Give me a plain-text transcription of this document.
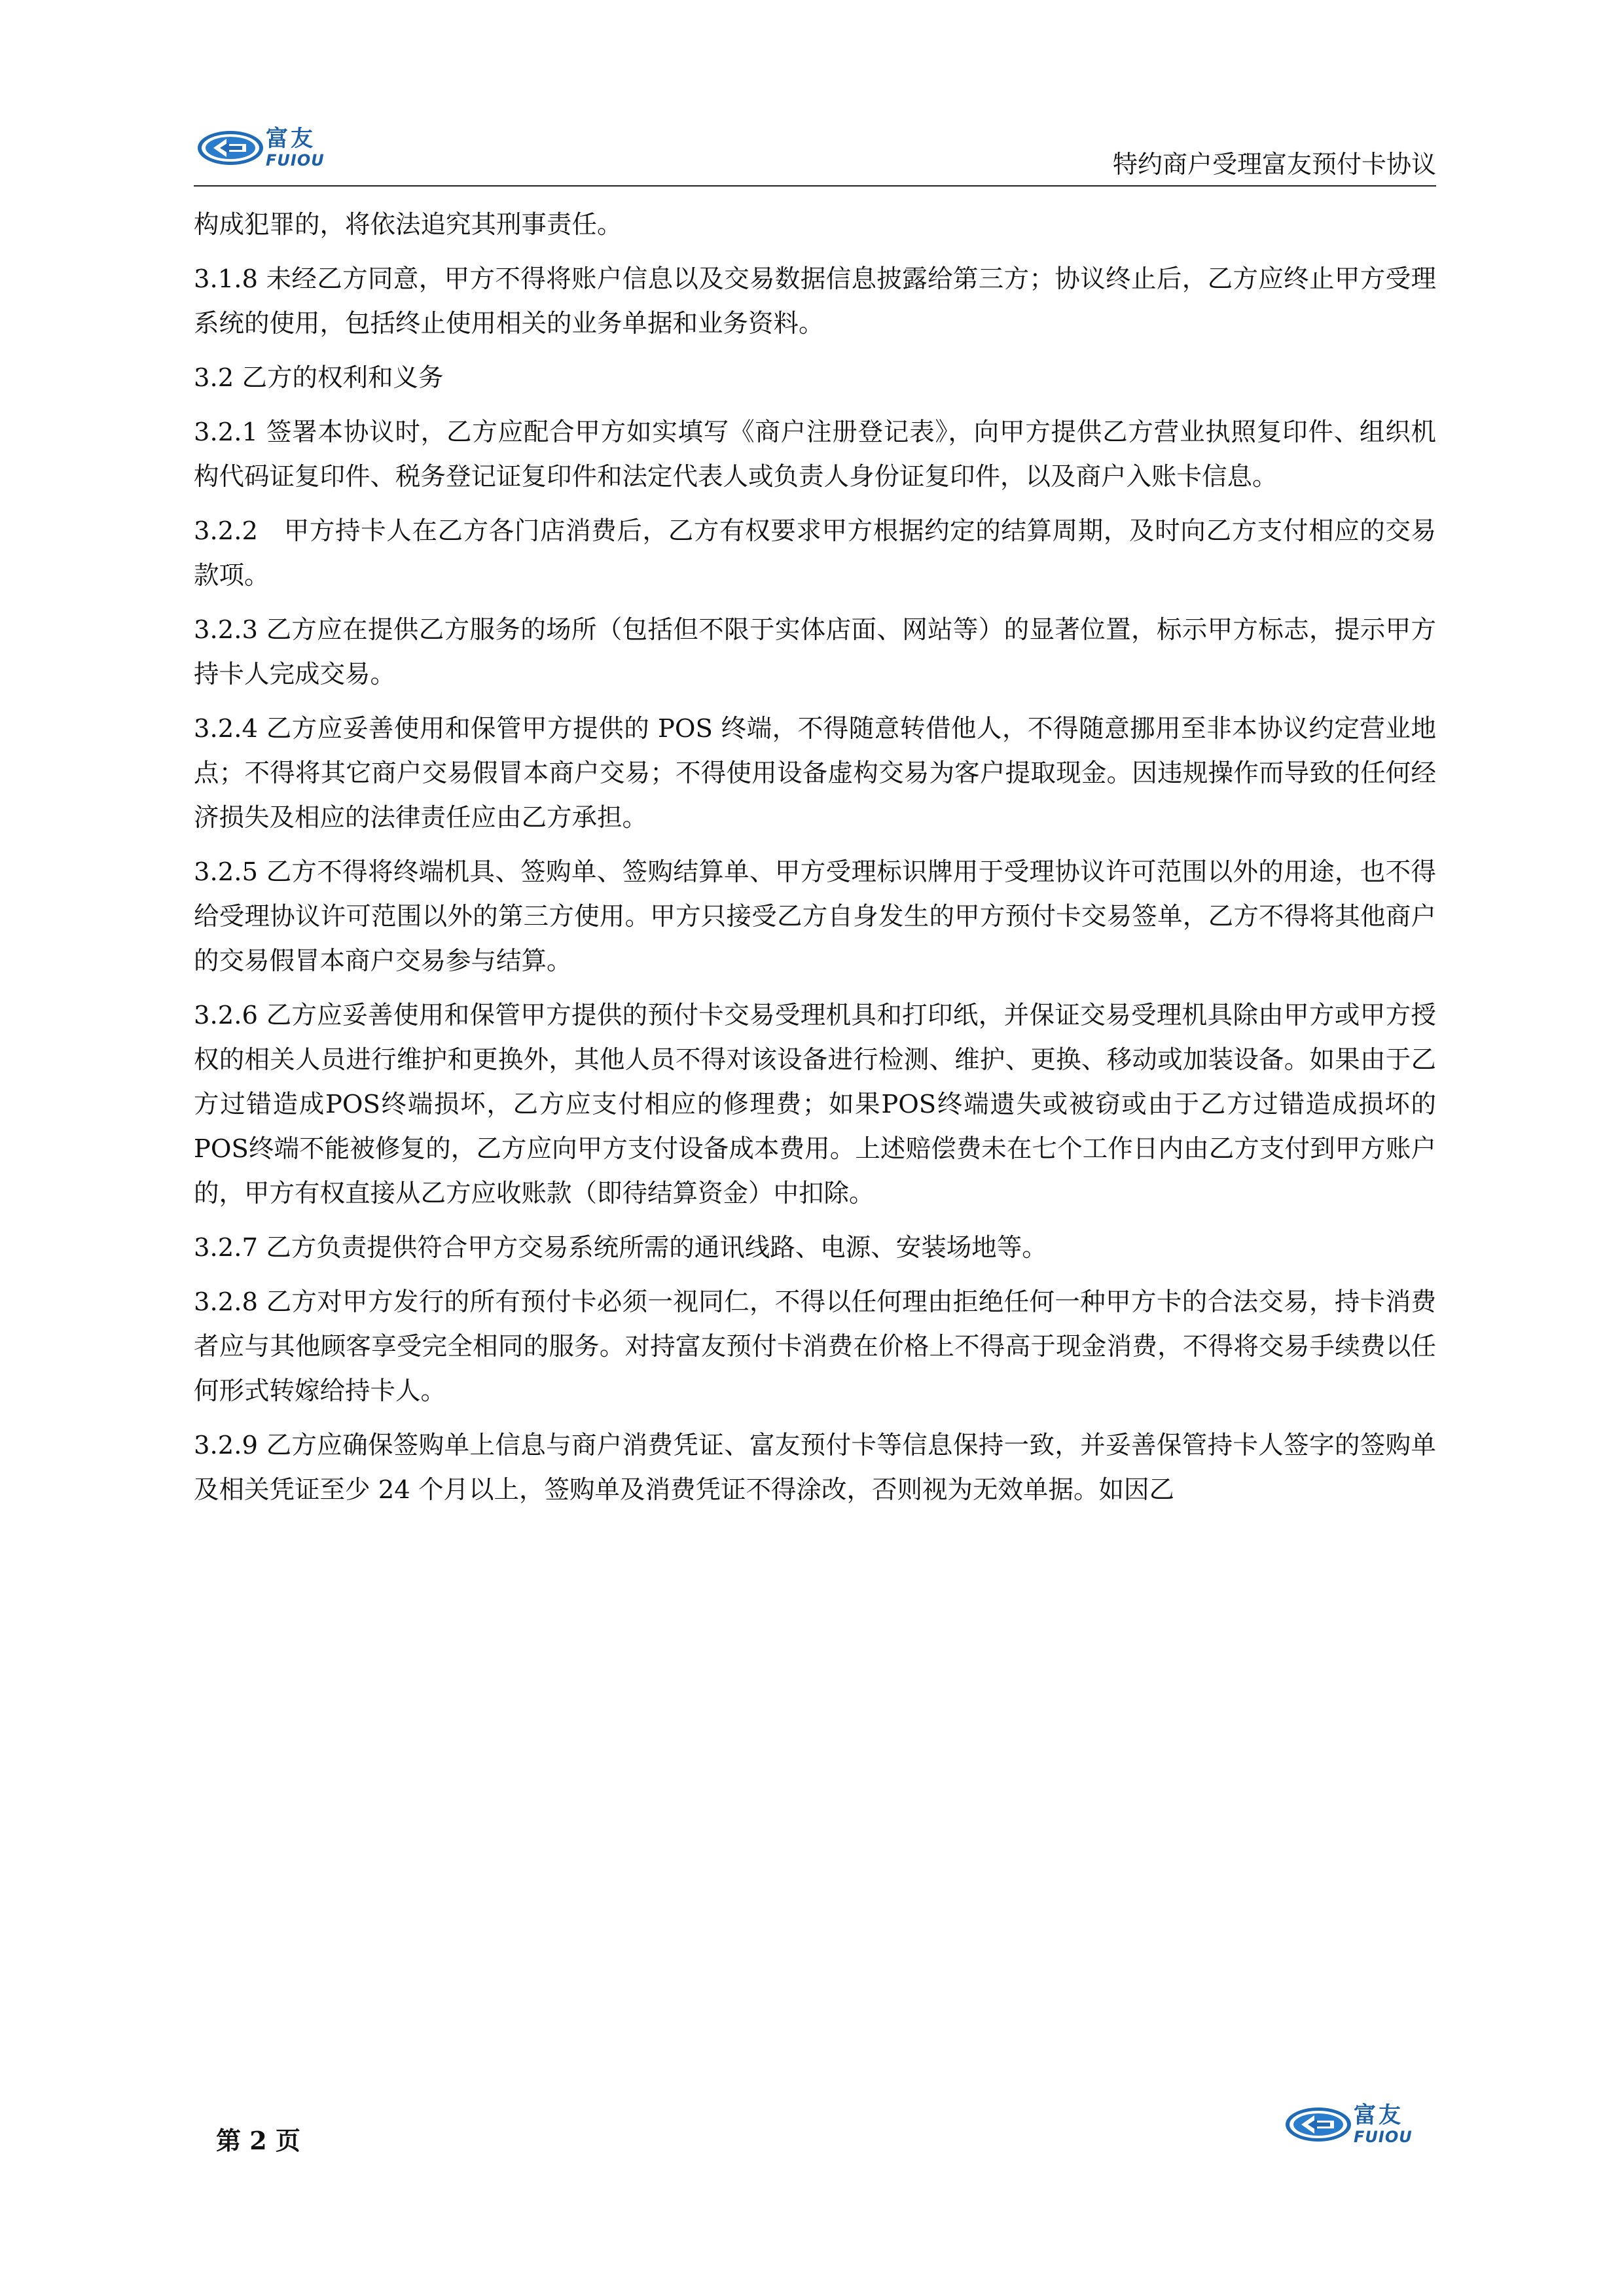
富友
FUIOU	特约商户受理富友预付卡协议

构成犯罪的，将依法追究其刑事责任。

3.1.8 未经乙方同意，甲方不得将账户信息以及交易数据信息披露给第三方；协议终止后，乙方应终止甲方受理系统的使用，包括终止使用相关的业务单据和业务资料。

3.2 乙方的权利和义务

3.2.1 签署本协议时，乙方应配合甲方如实填写《商户注册登记表》，向甲方提供乙方营业执照复印件、组织机构代码证复印件、税务登记证复印件和法定代表人或负责人身份证复印件，以及商户入账卡信息。

3.2.2　甲方持卡人在乙方各门店消费后，乙方有权要求甲方根据约定的结算周期，及时向乙方支付相应的交易款项。

3.2.3 乙方应在提供乙方服务的场所（包括但不限于实体店面、网站等）的显著位置，标示甲方标志，提示甲方持卡人完成交易。

3.2.4 乙方应妥善使用和保管甲方提供的 POS 终端，不得随意转借他人，不得随意挪用至非本协议约定营业地点；不得将其它商户交易假冒本商户交易；不得使用设备虚构交易为客户提取现金。因违规操作而导致的任何经济损失及相应的法律责任应由乙方承担。

3.2.5 乙方不得将终端机具、签购单、签购结算单、甲方受理标识牌用于受理协议许可范围以外的用途，也不得给受理协议许可范围以外的第三方使用。甲方只接受乙方自身发生的甲方预付卡交易签单，乙方不得将其他商户的交易假冒本商户交易参与结算。

3.2.6 乙方应妥善使用和保管甲方提供的预付卡交易受理机具和打印纸，并保证交易受理机具除由甲方或甲方授权的相关人员进行维护和更换外，其他人员不得对该设备进行检测、维护、更换、移动或加装设备。如果由于乙方过错造成POS终端损坏，乙方应支付相应的修理费；如果POS终端遗失或被窃或由于乙方过错造成损坏的POS终端不能被修复的，乙方应向甲方支付设备成本费用。上述赔偿费未在七个工作日内由乙方支付到甲方账户的，甲方有权直接从乙方应收账款（即待结算资金）中扣除。

3.2.7 乙方负责提供符合甲方交易系统所需的通讯线路、电源、安装场地等。

3.2.8 乙方对甲方发行的所有预付卡必须一视同仁，不得以任何理由拒绝任何一种甲方卡的合法交易，持卡消费者应与其他顾客享受完全相同的服务。对持富友预付卡消费在价格上不得高于现金消费，不得将交易手续费以任何形式转嫁给持卡人。

3.2.9 乙方应确保签购单上信息与商户消费凭证、富友预付卡等信息保持一致，并妥善保管持卡人签字的签购单及相关凭证至少 24 个月以上，签购单及消费凭证不得涂改，否则视为无效单据。如因乙

第 2 页
富友
FUIOU
